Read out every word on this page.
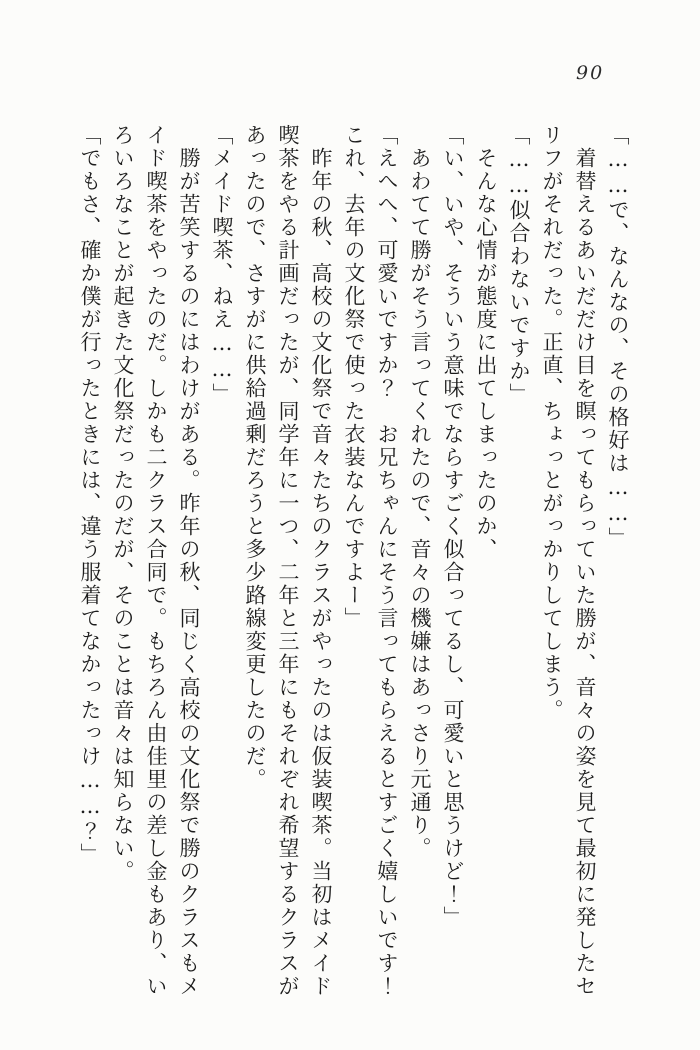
90

「……で、なんなの、その格好は……」

　着替えるあいだだけ目を瞑ってもらっていた勝が、音々の姿を見て最初に発したセ

リフがそれだった。正直、ちょっとがっかりしてしまう。

「……似合わないですか」

　そんな心情が態度に出てしまったのか、

「い、いや、そういう意味でならすごく似合ってるし、可愛いと思うけど！」

　あわてて勝がそう言ってくれたので、音々の機嫌はあっさり元通り。

「えへへ、可愛いですか？　お兄ちゃんにそう言ってもらえるとすごく嬉しいです！

これ、去年の文化祭で使った衣装なんですよー」

　昨年の秋、高校の文化祭で音々たちのクラスがやったのは仮装喫茶。当初はメイド

喫茶をやる計画だったが、同学年に一つ、二年と三年にもそれぞれ希望するクラスが

あったので、さすがに供給過剰だろうと多少路線変更したのだ。

「メイド喫茶、ねえ……」

　勝が苦笑するのにはわけがある。昨年の秋、同じく高校の文化祭で勝のクラスもメ

イド喫茶をやったのだ。しかも二クラス合同で。もちろん由佳里の差し金もあり、い

ろいろなことが起きた文化祭だったのだが、そのことは音々は知らない。

「でもさ、確か僕が行ったときには、違う服着てなかったっけ……？」
